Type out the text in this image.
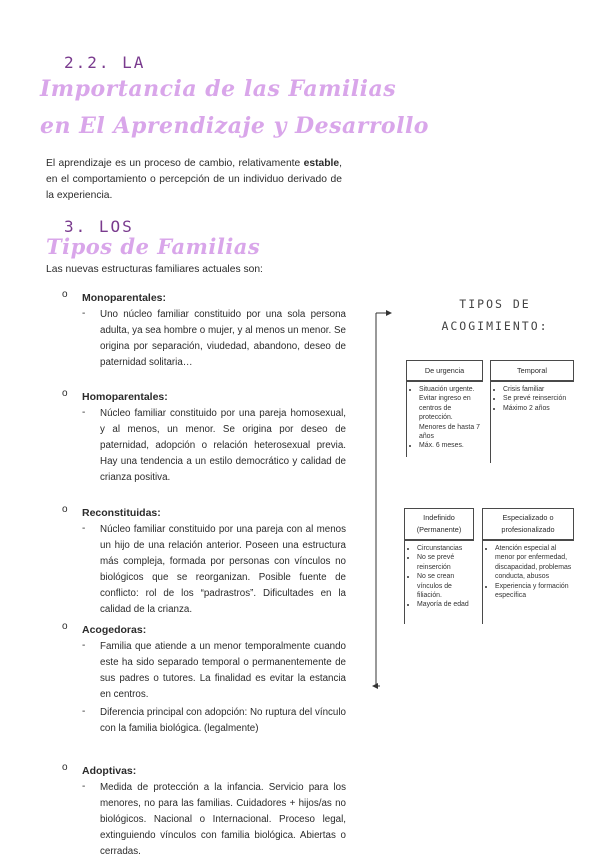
2.2. LA
Importancia de las Familias
en El Aprendizaje y Desarrollo
El aprendizaje es un proceso de cambio, relativamente estable, en el comportamiento o percepción de un individuo derivado de la experiencia.
3. LOS
Tipos de Familias
Las nuevas estructuras familiares actuales son:
o Monoparentales:
- Uno núcleo familiar constituido por una sola persona adulta, ya sea hombre o mujer, y al menos un menor. Se origina por separación, viudedad, abandono, deseo de paternidad solitaria…
o Homoparentales:
- Núcleo familiar constituido por una pareja homosexual, y al menos, un menor. Se origina por deseo de paternidad, adopción o relación heterosexual previa. Hay una tendencia a un estilo democrático y calidad de crianza positiva.
o Reconstituidas:
- Núcleo familiar constituido por una pareja con al menos un hijo de una relación anterior. Poseen una estructura más compleja, formada por personas con vínculos no biológicos que se reorganizan. Posible fuente de conflicto: rol de los “padrastros”. Dificultades en la calidad de la crianza.
o Acogedoras:
- Familia que atiende a un menor temporalmente cuando este ha sido separado temporal o permanentemente de sus padres o tutores. La finalidad es evitar la estancia en centros.
- Diferencia principal con adopción: No ruptura del vínculo con la familia biológica. (legalmente)
o Adoptivas:
- Medida de protección a la infancia. Servicio para los menores, no para las familias. Cuidadores + hijos/as no biológicos. Nacional o Internacional. Proceso legal, extinguiendo vínculos con familia biológica. Abiertas o cerradas.
TIPOS DE
ACOGIMIENTO:
De urgencia
• Situación urgente. Evitar ingreso en centros de protección. Menores de hasta 7 años
• Máx. 6 meses.
Temporal
• Crisis familiar
• Se prevé reinserción
• Máximo 2 años
Indefinido (Permanente)
• Circunstancias
• No se prevé reinserción
• No se crean vínculos de filiación.
• Mayoría de edad
Especializado o profesionalizado
• Atención especial al menor por enfermedad, discapacidad, problemas conducta, abusos
• Experiencia y formación específica
